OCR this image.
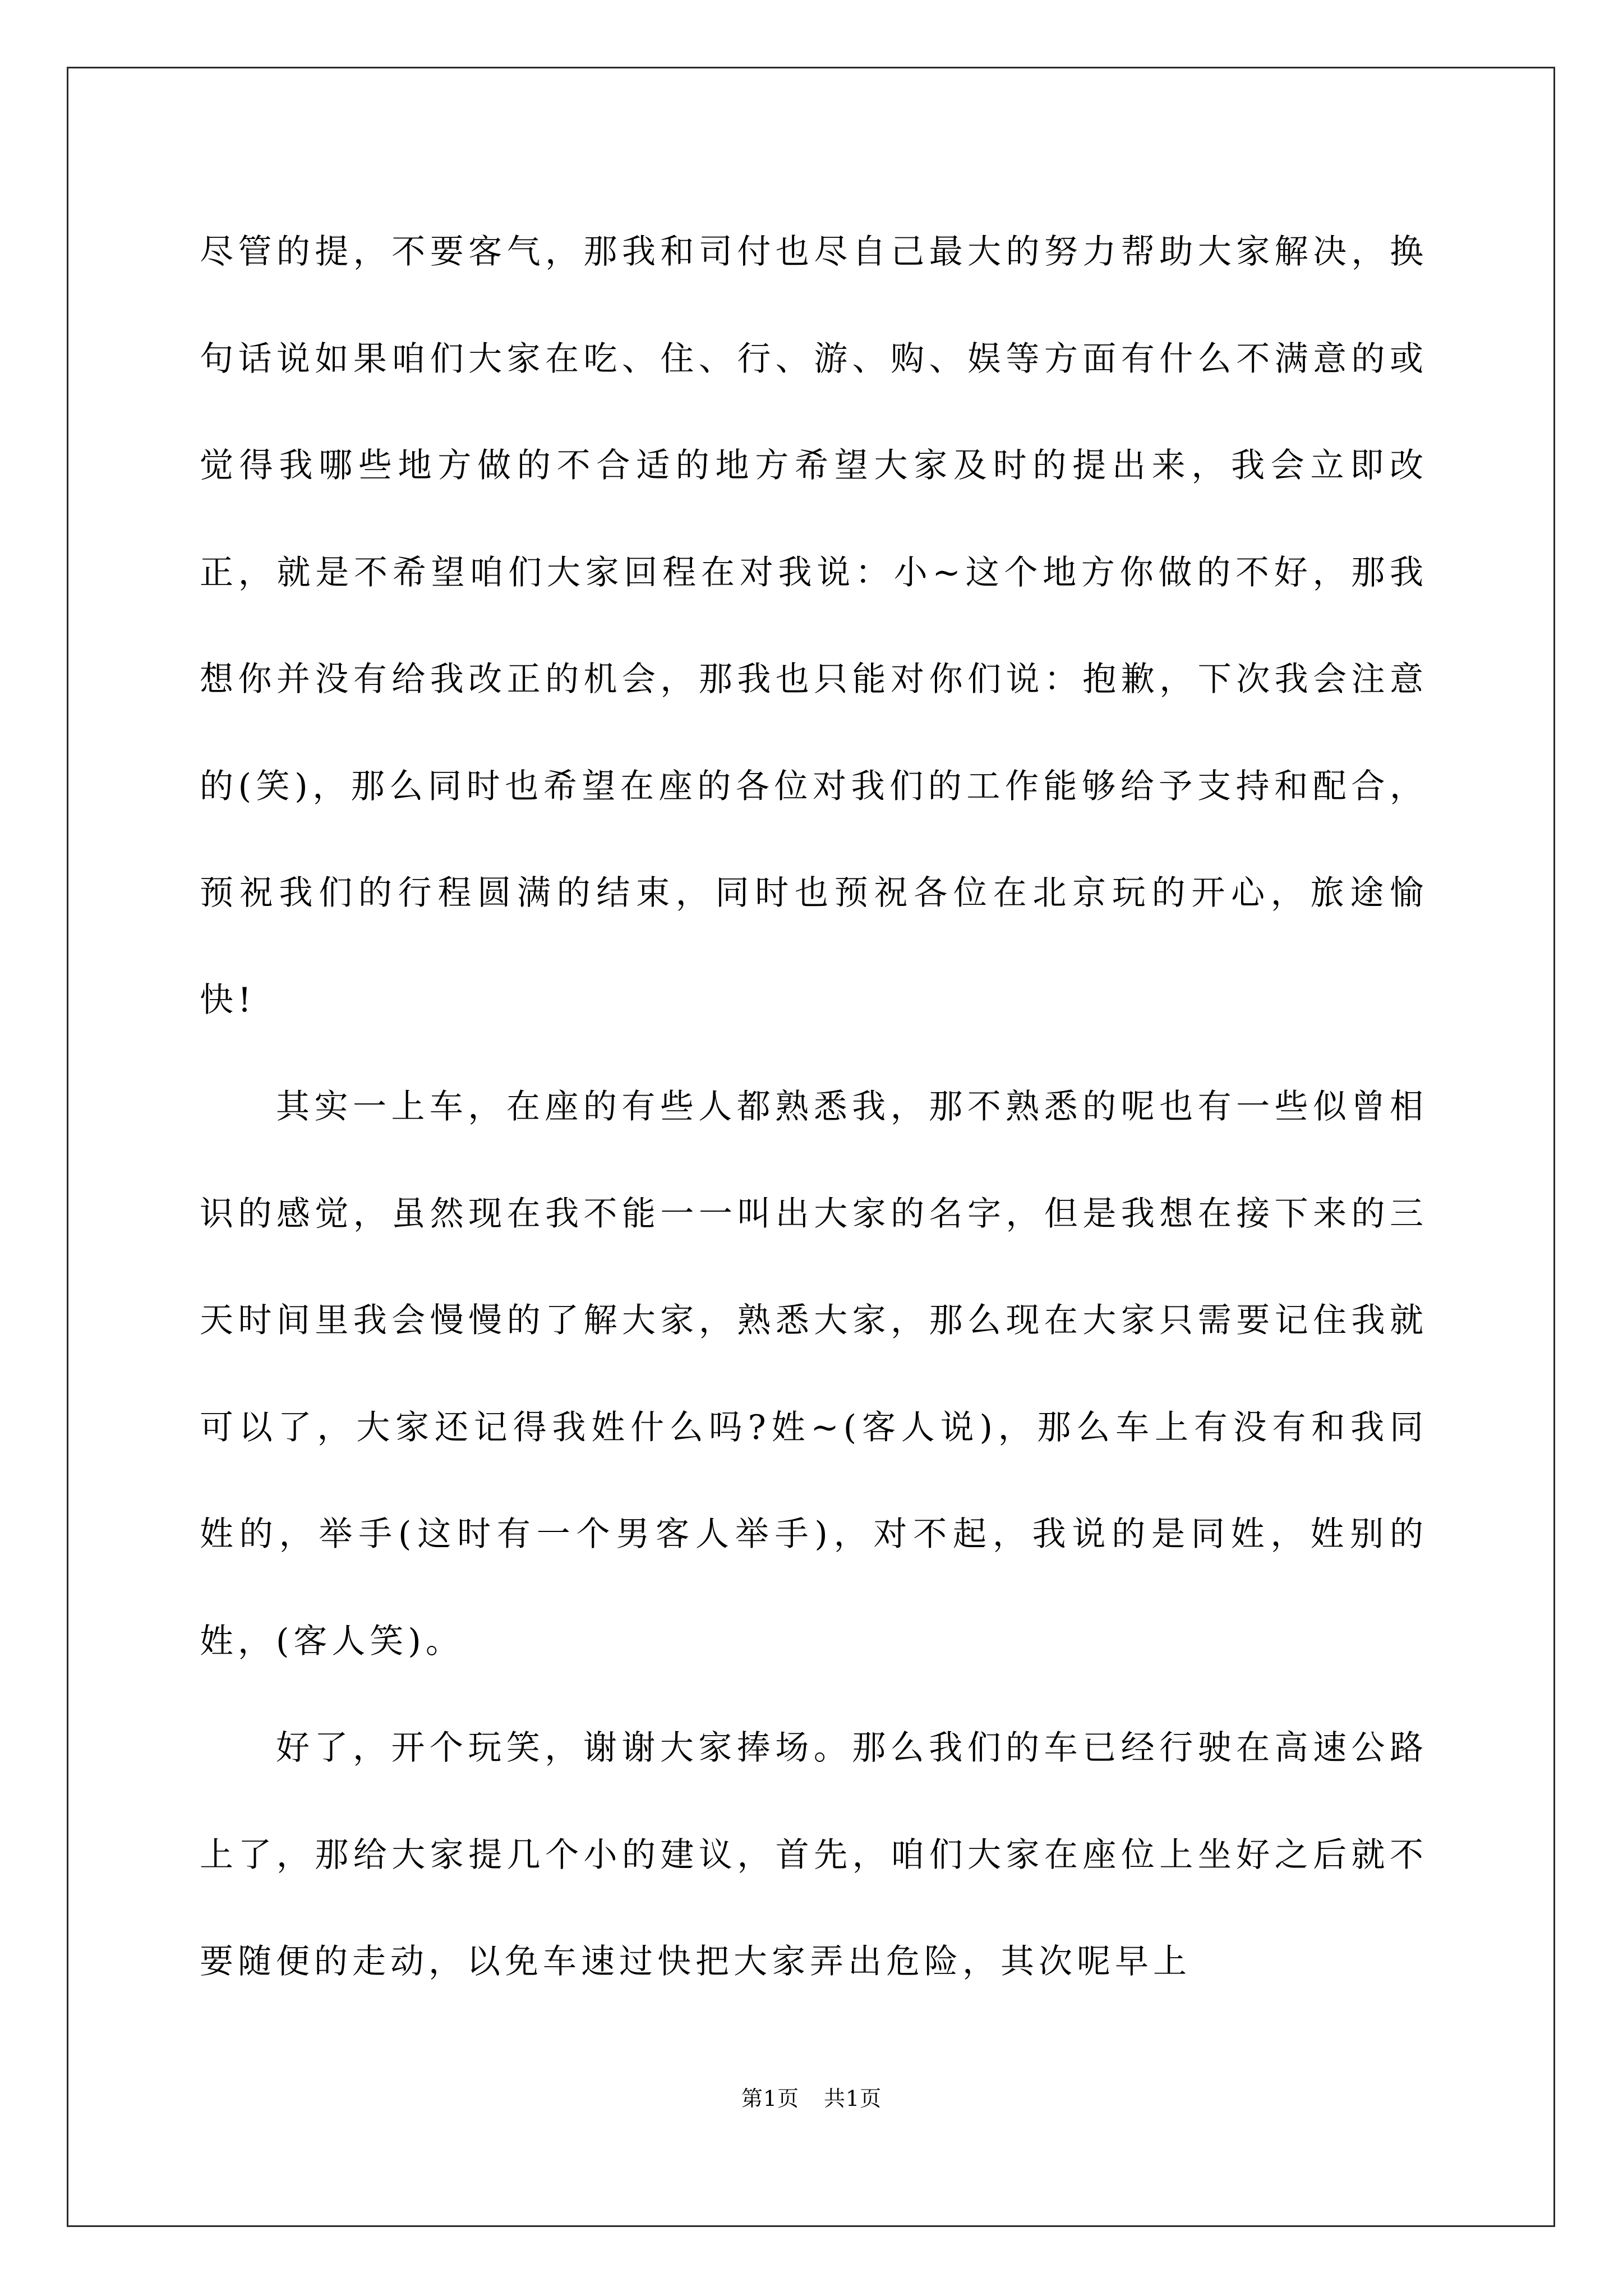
尽管的提，不要客气，那我和司付也尽自己最大的努力帮助大家解决，换句话说如果咱们大家在吃、住、行、游、购、娱等方面有什么不满意的或觉得我哪些地方做的不合适的地方希望大家及时的提出来，我会立即改正，就是不希望咱们大家回程在对我说：小~这个地方你做的不好，那我想你并没有给我改正的机会，那我也只能对你们说：抱歉，下次我会注意的(笑)，那么同时也希望在座的各位对我们的工作能够给予支持和配合，预祝我们的行程圆满的结束，同时也预祝各位在北京玩的开心，旅途愉快!

其实一上车，在座的有些人都熟悉我，那不熟悉的呢也有一些似曾相识的感觉，虽然现在我不能一一叫出大家的名字，但是我想在接下来的三天时间里我会慢慢的了解大家，熟悉大家，那么现在大家只需要记住我就可以了，大家还记得我姓什么吗?姓~(客人说)，那么车上有没有和我同姓的，举手(这时有一个男客人举手)，对不起，我说的是同姓，姓别的姓，(客人笑)。

好了，开个玩笑，谢谢大家捧场。那么我们的车已经行驶在高速公路上了，那给大家提几个小的建议，首先，咱们大家在座位上坐好之后就不要随便的走动，以免车速过快把大家弄出危险，其次呢早上

第1页 共1页
